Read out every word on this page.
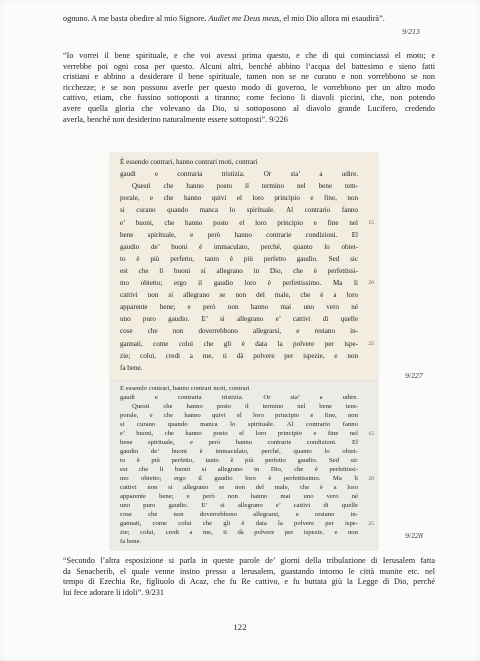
ognuno. A me basta obedire al mio Signore. Audiet me Deus meus, el mio Dio allora mi esaudirà”.

9/213
“Io vorrei il bene spirituale, e che voi avessi prima questo, e che di qui cominciassi el moto; e
verrebbe poi ogni cosa per questo. Alcuni altri, benché abbino l’acqua del battesimo e sieno fatti
cristiani e abbino a desiderare il bene spirituale, tamen non se ne curano e non vorrebbono se non
ricchezze; e se non possono averle per questo modo di governo, le vorrebbono per un altro modo
cattivo, etiam, che fussino sottoposti a tiranno; come feciono li diavoli piccini, che, non potendo
avere quella gloria che volevano da Dio, si sottoposono al diavolo grande Lucifero, credendo
averla, benché non desiderino naturalmente essere sottoposti”. 9/226
È essendo contrari, hanno contrari moti, contrari
gaudi e contraria tristizia. Or sta’ a udire.
Questi che hanno posto il termino nel bene tem-
porale, e che hanno quivi el loro principio e fine, non
si curano quando manca lo spirituale. Al contrario fanno
e’ buoni, che hanno posto el loro principio e fine nel
bene spirituale, e però hanno contrarie condizioni. El
gaudio de’ buoni è immaculato, perché, quanto lo obiet-
to è più perfetto, tanto è più perfetto gaudio. Sed sic
est che li buoni si allegrano in Dio, che è perfettissi-
mo obietto; ergo il gaudio loro è perfettissimo. Ma li
cattivi non si allegrano se non del male, che è a loro
apparente bene; e però non hanno mai uno vero né
uno puro gaudio. E’ si allegrano e’ cattivi di quelle
cose che non doverrebbono allegrarsi, e restano in-
gannati, come colui che gli è data la polvere per ispe-
zie; colui, credi a me, ti dà polvere per ispezie, e non
fa bene.
15
20
25
9/227
E essendo contrari, hanno contrari moti, contrari
gaudi e contraria tristizia. Or sta’ a udire.
Questi che hanno posto il termino nel bene tem-
porale, e che hanno quivi el loro principio e fine, non
si curano quando manca lo spirituale. Al contrario fanno
e’ buoni, che hanno posto el loro principio e fine nel
bene spirituale, e però hanno contrarie condizioni. El
gaudio de’ buoni è immaculato, perché, quanto lo obiet-
to è più perfetto, tanto è più perfetto gaudio. Sed sic
est che li buoni si allegrano in Dio, che è perfettissi-
mo obietto; ergo il gaudio loro è perfettissimo. Ma li
cattivi non si allegrano se non del male, che è a loro
apparente bene; e però non hanno mai uno vero né
uno puro gaudio. E’ si allegrano e’ cattivi di quelle
cose che non doverrebbono allegrarsi, e restano in-
gannati, come colui che gli è data la polvere per ispe-
zie; colui, credi a me, ti dà polvere per ispezie, e non
fa bene.
15
20
25
9/228
“Secondo l’altra esposizione si parla in queste parole de’ giorni della tribulazione di Ierusalem fatta
da Senacherib, el quale venne insino presso a Ierusalem, guastando intorno le città munite etc. nel
tempo di Ezechia Re, figliuolo di Acaz, che fu Re cattivo, e fu buttata giù la Legge di Dio, perché
lui fece adorare li idoli”. 9/231
122
